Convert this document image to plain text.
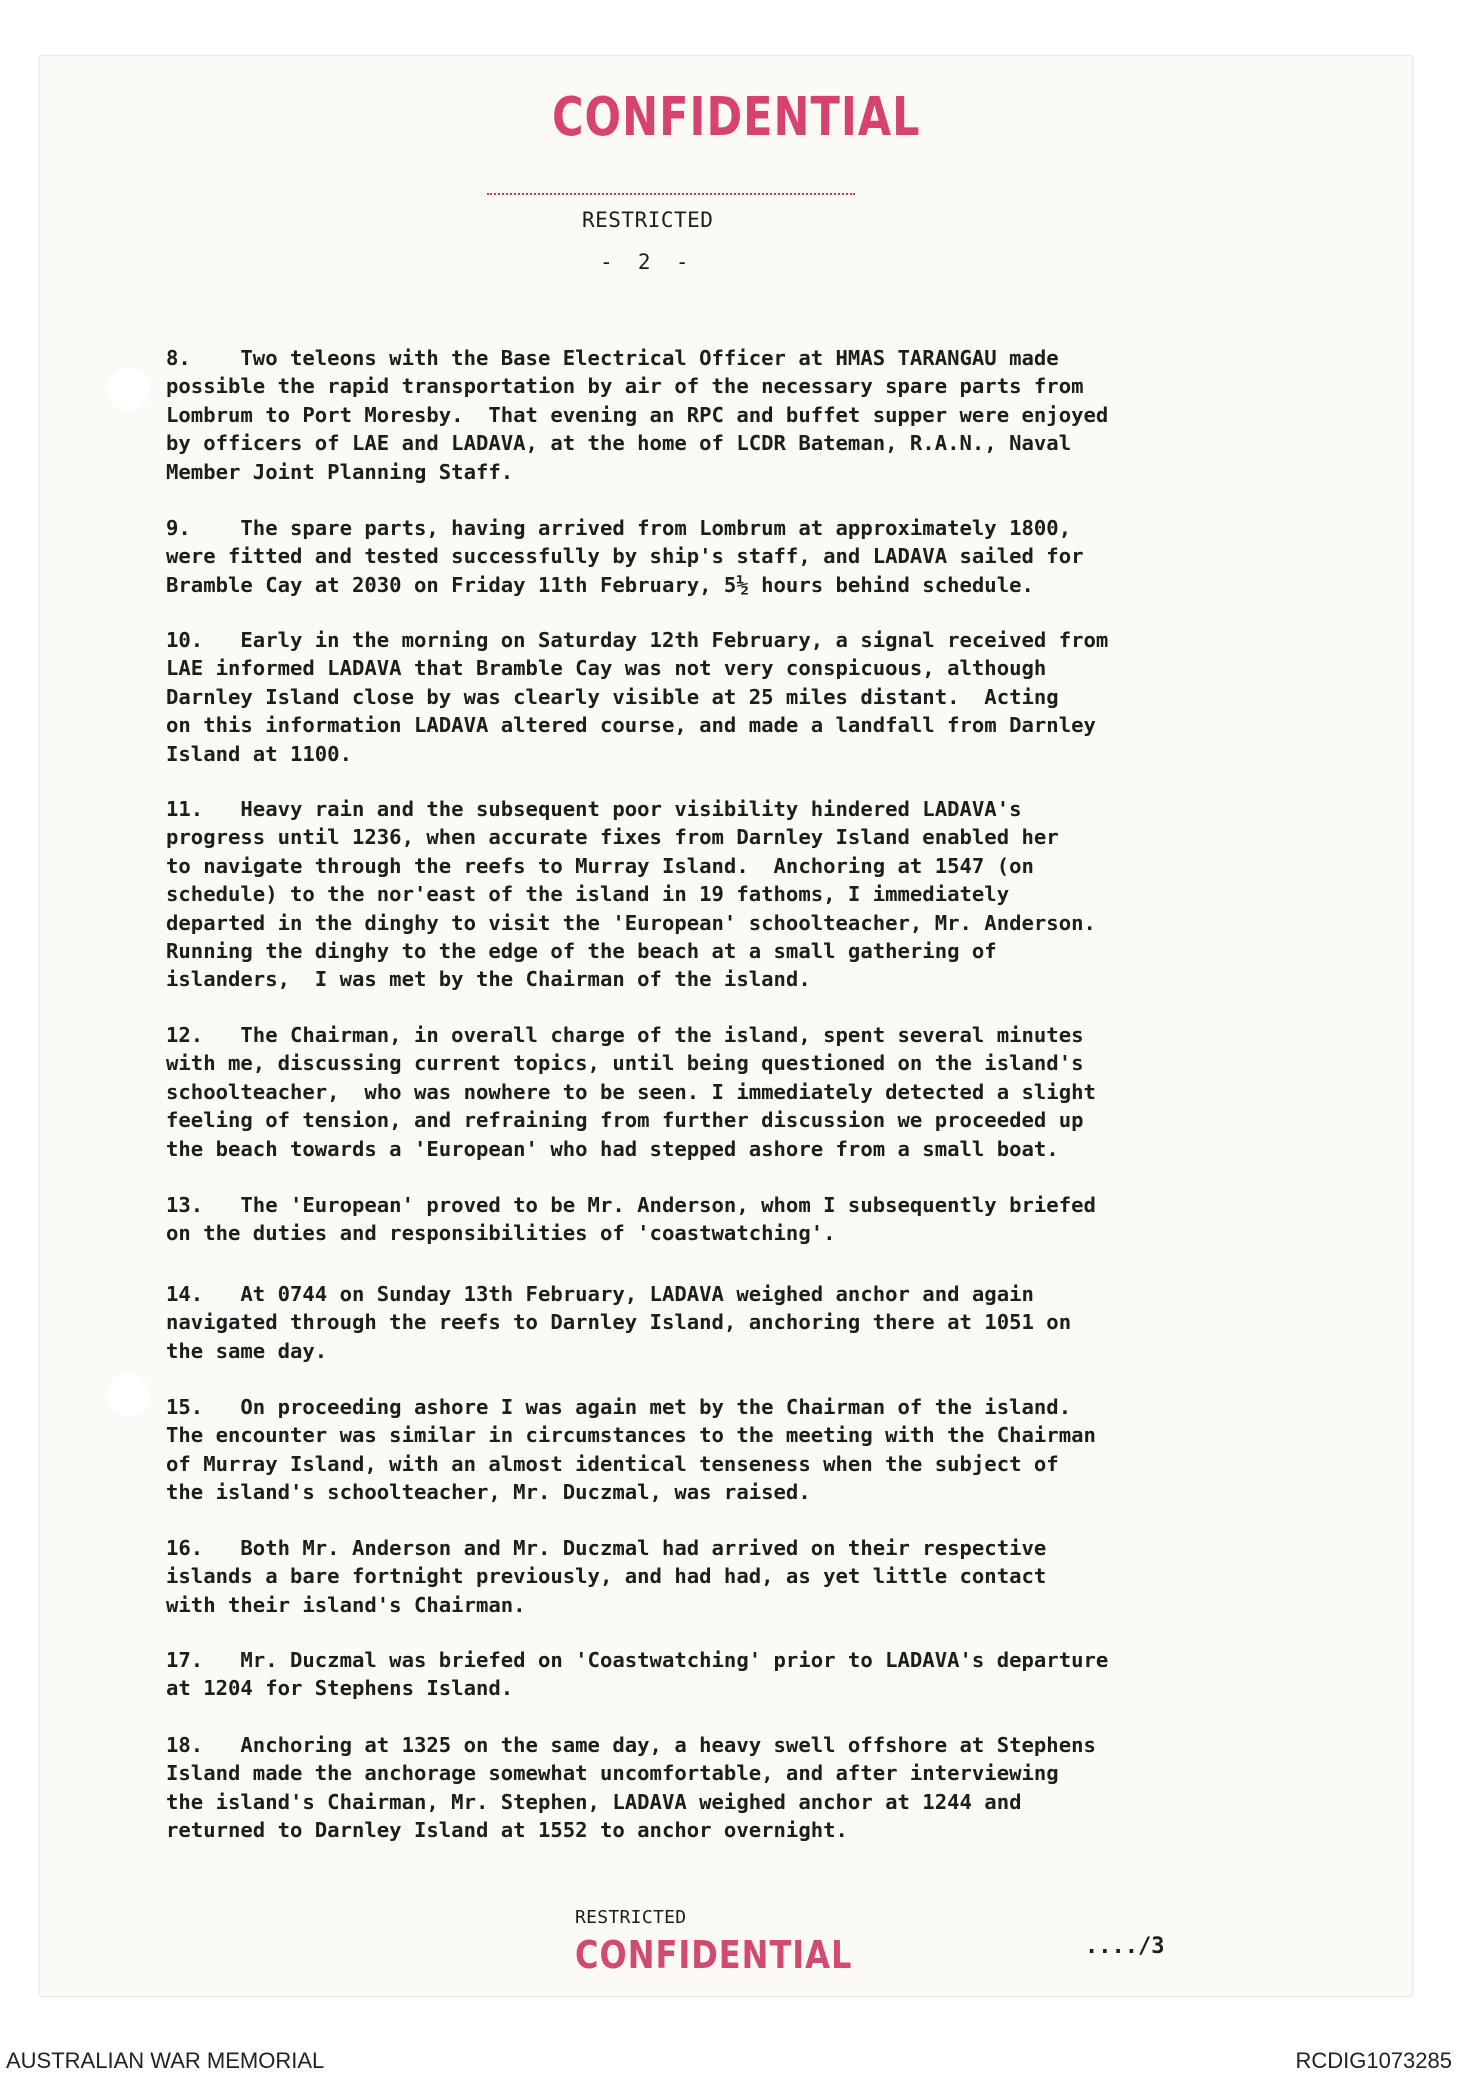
CONFIDENTIAL
RESTRICTED
-  2  -

8.    Two teleons with the Base Electrical Officer at HMAS TARANGAU made
possible the rapid transportation by air of the necessary spare parts from
Lombrum to Port Moresby.  That evening an RPC and buffet supper were enjoyed
by officers of LAE and LADAVA, at the home of LCDR Bateman, R.A.N., Naval
Member Joint Planning Staff.

9.    The spare parts, having arrived from Lombrum at approximately 1800,
were fitted and tested successfully by ship's staff, and LADAVA sailed for
Bramble Cay at 2030 on Friday 11th February, 5½ hours behind schedule.

10.   Early in the morning on Saturday 12th February, a signal received from
LAE informed LADAVA that Bramble Cay was not very conspicuous, although
Darnley Island close by was clearly visible at 25 miles distant.  Acting
on this information LADAVA altered course, and made a landfall from Darnley
Island at 1100.

11.   Heavy rain and the subsequent poor visibility hindered LADAVA's
progress until 1236, when accurate fixes from Darnley Island enabled her
to navigate through the reefs to Murray Island.  Anchoring at 1547 (on
schedule) to the nor'east of the island in 19 fathoms, I immediately
departed in the dinghy to visit the 'European' schoolteacher, Mr. Anderson.
Running the dinghy to the edge of the beach at a small gathering of
islanders,  I was met by the Chairman of the island.

12.   The Chairman, in overall charge of the island, spent several minutes
with me, discussing current topics, until being questioned on the island's
schoolteacher,  who was nowhere to be seen. I immediately detected a slight
feeling of tension, and refraining from further discussion we proceeded up
the beach towards a 'European' who had stepped ashore from a small boat.

13.   The 'European' proved to be Mr. Anderson, whom I subsequently briefed
on the duties and responsibilities of 'coastwatching'.

14.   At 0744 on Sunday 13th February, LADAVA weighed anchor and again
navigated through the reefs to Darnley Island, anchoring there at 1051 on
the same day.

15.   On proceeding ashore I was again met by the Chairman of the island.
The encounter was similar in circumstances to the meeting with the Chairman
of Murray Island, with an almost identical tenseness when the subject of
the island's schoolteacher, Mr. Duczmal, was raised.

16.   Both Mr. Anderson and Mr. Duczmal had arrived on their respective
islands a bare fortnight previously, and had had, as yet little contact
with their island's Chairman.

17.   Mr. Duczmal was briefed on 'Coastwatching' prior to LADAVA's departure
at 1204 for Stephens Island.

18.   Anchoring at 1325 on the same day, a heavy swell offshore at Stephens
Island made the anchorage somewhat uncomfortable, and after interviewing
the island's Chairman, Mr. Stephen, LADAVA weighed anchor at 1244 and
returned to Darnley Island at 1552 to anchor overnight.

RESTRICTED
CONFIDENTIAL	..../3
AUSTRALIAN WAR MEMORIAL	RCDIG1073285
